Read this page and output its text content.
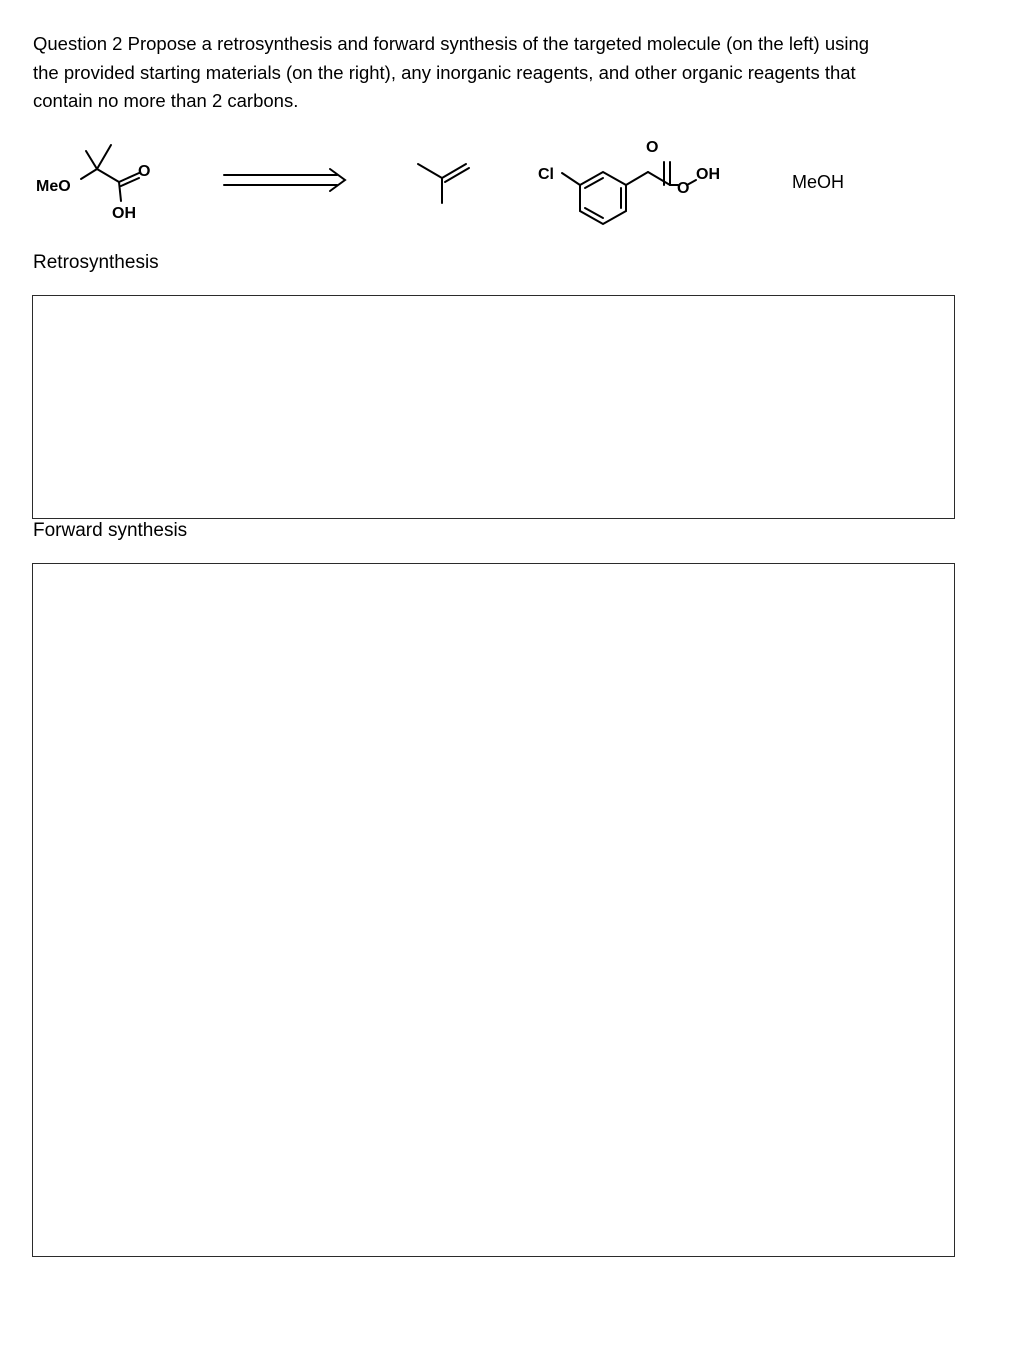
Question 2 Propose a retrosynthesis and forward synthesis of the targeted molecule (on the left) using
the provided starting materials (on the right), any inorganic reagents, and other organic reagents that
contain no more than 2 carbons.
MeO
O
OH
Cl
O
O
OH	MeOH
Retrosynthesis
Forward synthesis
